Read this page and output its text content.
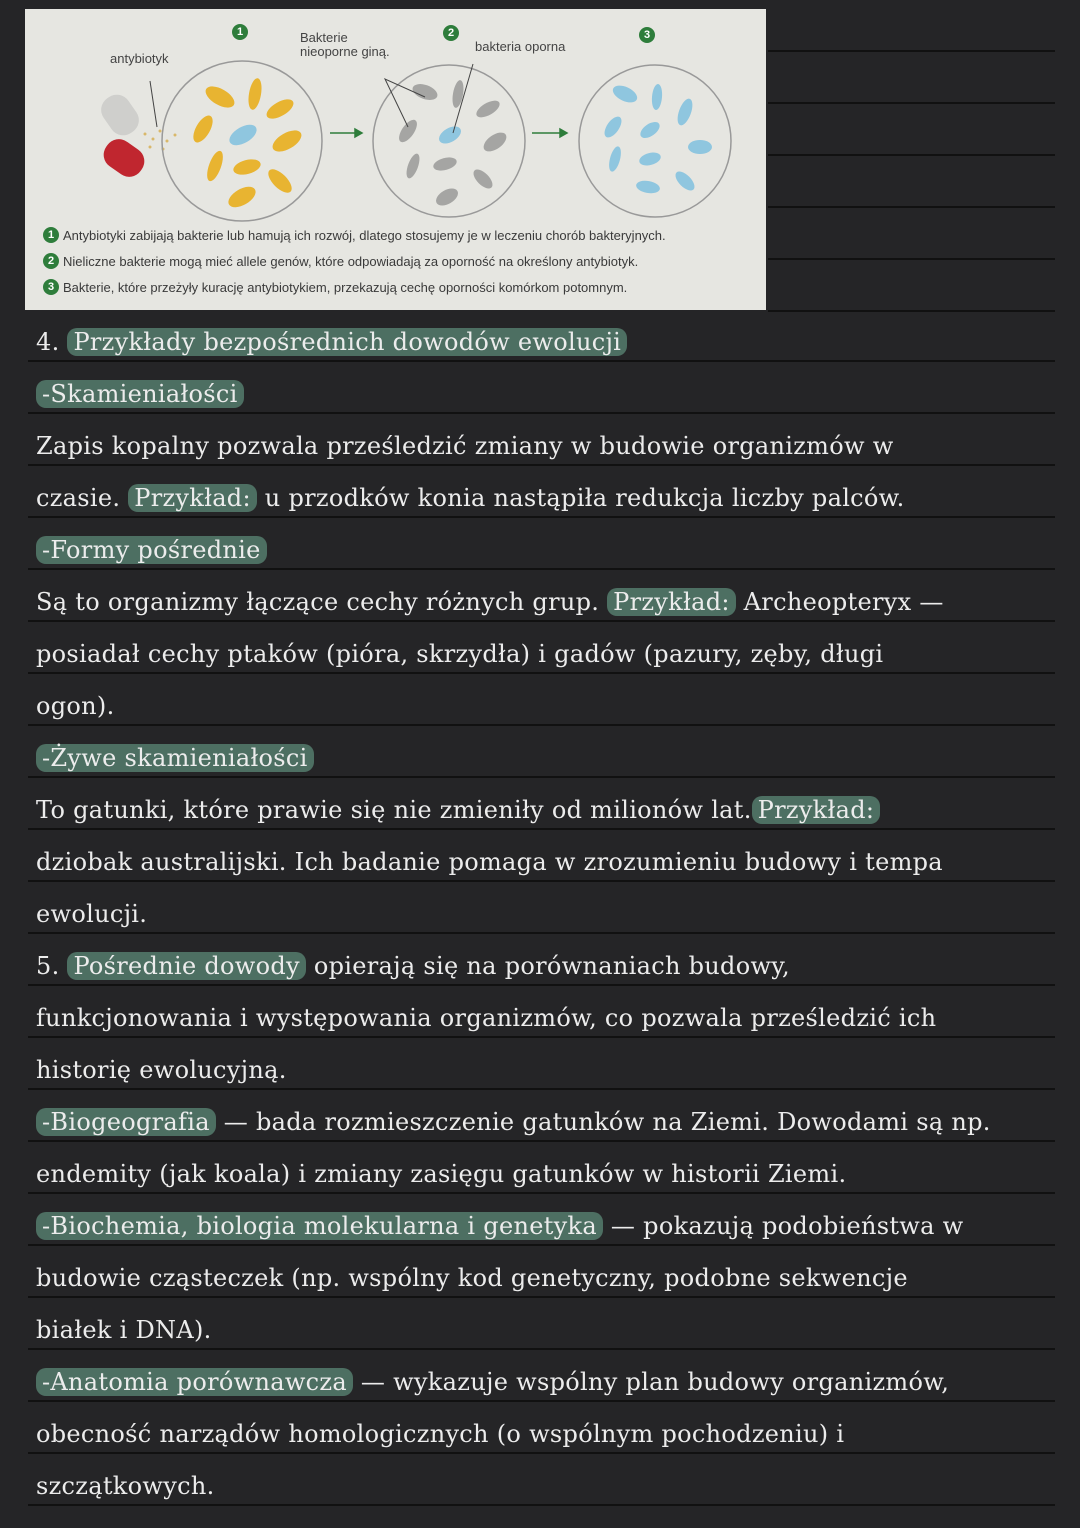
antybiotyk
Bakterie nieoporne giną.	bakteria oporna
1	2	3
1 Antybiotyki zabijają bakterie lub hamują ich rozwój, dlatego stosujemy je w leczeniu chorób bakteryjnych.
2 Nieliczne bakterie mogą mieć allele genów, które odpowiadają za oporność na określony antybiotyk.
3 Bakterie, które przeżyły kurację antybiotykiem, przekazują cechę oporności komórkom potomnym.
4. Przykłady bezpośrednich dowodów ewolucji
-Skamieniałości
Zapis kopalny pozwala prześledzić zmiany w budowie organizmów w
czasie. Przykład: u przodków konia nastąpiła redukcja liczby palców.
-Formy pośrednie
Są to organizmy łączące cechy różnych grup. Przykład: Archeopteryx —
posiadał cechy ptaków (pióra, skrzydła) i gadów (pazury, zęby, długi
ogon).
-Żywe skamieniałości
To gatunki, które prawie się nie zmieniły od milionów lat. Przykład:
dziobak australijski. Ich badanie pomaga w zrozumieniu budowy i tempa
ewolucji.
5. Pośrednie dowody opierają się na porównaniach budowy,
funkcjonowania i występowania organizmów, co pozwala prześledzić ich
historię ewolucyjną.
-Biogeografia — bada rozmieszczenie gatunków na Ziemi. Dowodami są np.
endemity (jak koala) i zmiany zasięgu gatunków w historii Ziemi.
-Biochemia, biologia molekularna i genetyka — pokazują podobieństwa w
budowie cząsteczek (np. wspólny kod genetyczny, podobne sekwencje
białek i DNA).
-Anatomia porównawcza — wykazuje wspólny plan budowy organizmów,
obecność narządów homologicznych (o wspólnym pochodzeniu) i
szczątkowych.
